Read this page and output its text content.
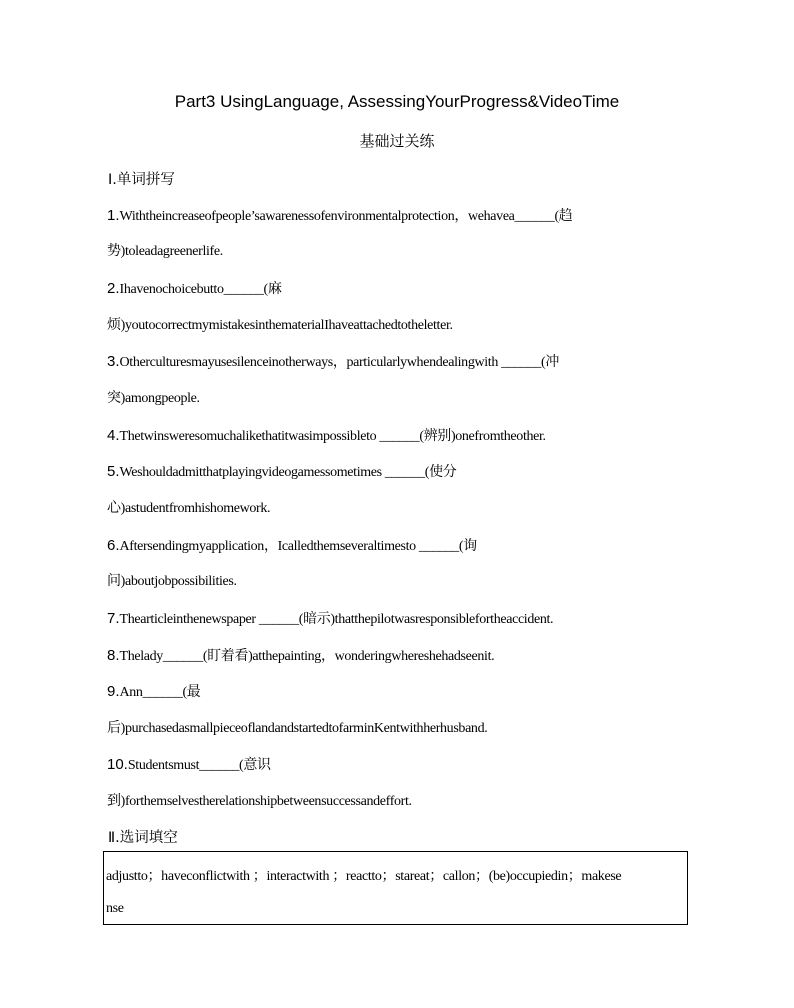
Part3 UsingLanguage, AssessingYourProgress&VideoTime
基础过关练
Ⅰ.单词拼写
1.Withtheincreaseofpeople’sawarenessofenvironmentalprotection，wehavea______(趋
势)toleadagreenerlife.
2.Ihavenochoicebutto______(麻
烦)youtocorrectmymistakesinthematerialIhaveattachedtotheletter.
3.Otherculturesmayusesilenceinotherways，particularlywhendealingwith ______(冲
突)amongpeople.
4.Thetwinsweresomuchalikethatitwasimpossibleto ______(辨别)onefromtheother.
5.Weshouldadmitthatplayingvideogamessometimes ______(使分
心)astudentfromhishomework.
6.Aftersendingmyapplication，Icalledthemseveraltimesto ______(询
问)aboutjobpossibilities.
7.Thearticleinthenewspaper ______(暗示)thatthepilotwasresponsiblefortheaccident.
8.Thelady______(盯着看)atthepainting，wonderingwhereshehadseenit.
9.Ann______(最
后)purchasedasmallpieceoflandandstartedtofarminKentwithherhusband.
10.Studentsmust______(意识
到)forthemselvestherelationshipbetweensuccessandeffort.
Ⅱ.选词填空
adjustto；haveconflictwith ；interactwith ；reactto；stareat；callon；(be)occupiedin；makese
nse
